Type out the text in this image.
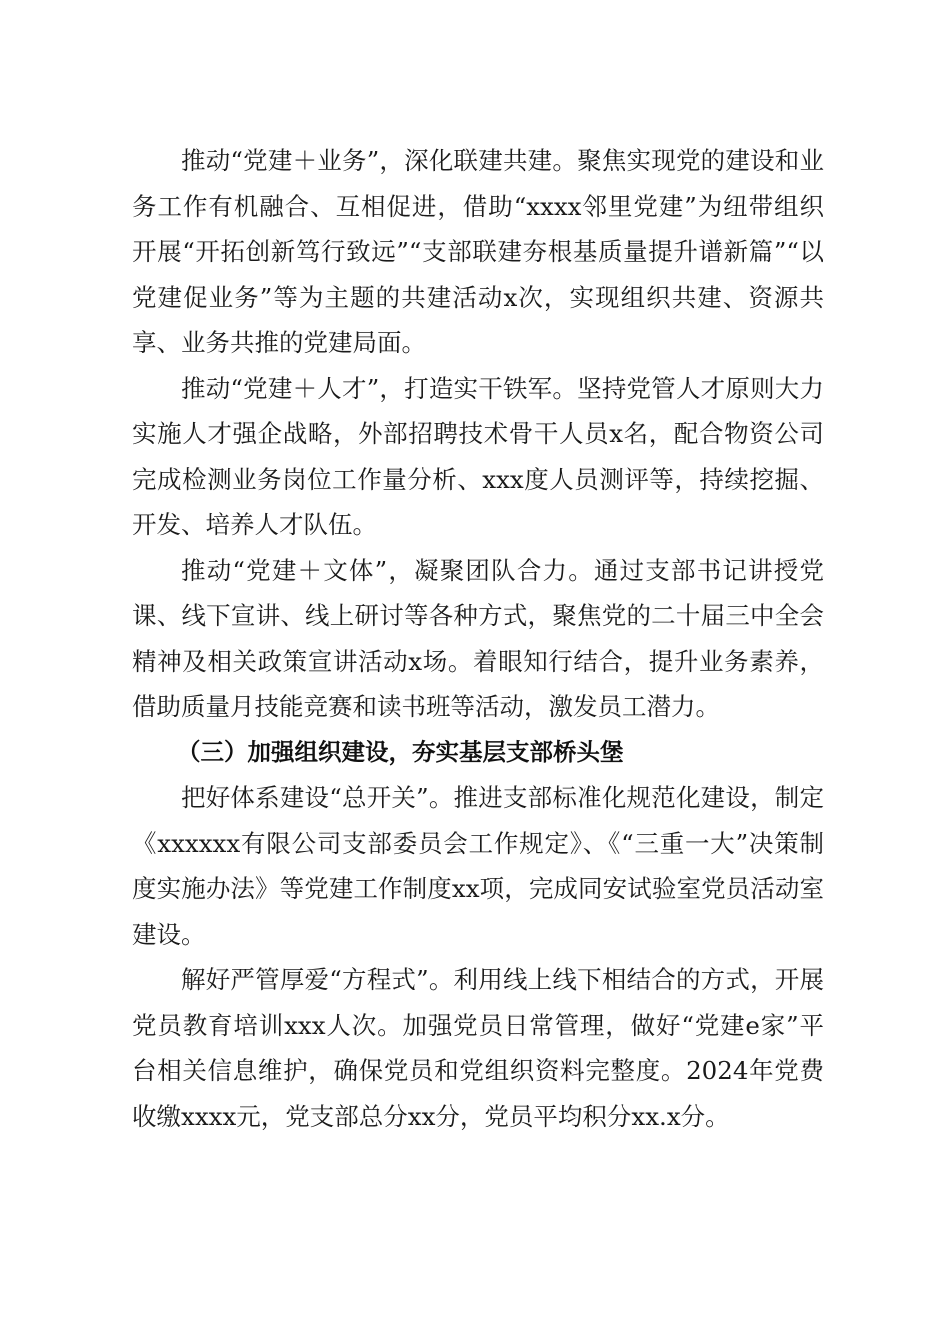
推动“党建＋业务”，深化联建共建。聚焦实现党的建设和业务工作有机融合、互相促进，借助“xxxx邻里党建”为纽带组织开展“开拓创新笃行致远”“支部联建夯根基质量提升谱新篇”“以党建促业务”等为主题的共建活动x次，实现组织共建、资源共享、业务共推的党建局面。

推动“党建＋人才”，打造实干铁军。坚持党管人才原则大力实施人才强企战略，外部招聘技术骨干人员x名，配合物资公司完成检测业务岗位工作量分析、xxx度人员测评等，持续挖掘、开发、培养人才队伍。

推动“党建＋文体”，凝聚团队合力。通过支部书记讲授党课、线下宣讲、线上研讨等各种方式，聚焦党的二十届三中全会精神及相关政策宣讲活动x场。着眼知行结合，提升业务素养，借助质量月技能竞赛和读书班等活动，激发员工潜力。

（三）加强组织建设，夯实基层支部桥头堡

把好体系建设“总开关”。推进支部标准化规范化建设，制定《xxxxxx有限公司支部委员会工作规定》、《“三重一大”决策制度实施办法》等党建工作制度xx项，完成同安试验室党员活动室建设。

解好严管厚爱“方程式”。利用线上线下相结合的方式，开展党员教育培训xxx人次。加强党员日常管理，做好“党建e家”平台相关信息维护，确保党员和党组织资料完整度。2024年党费收缴xxxx元，党支部总分xx分，党员平均积分xx.x分。
